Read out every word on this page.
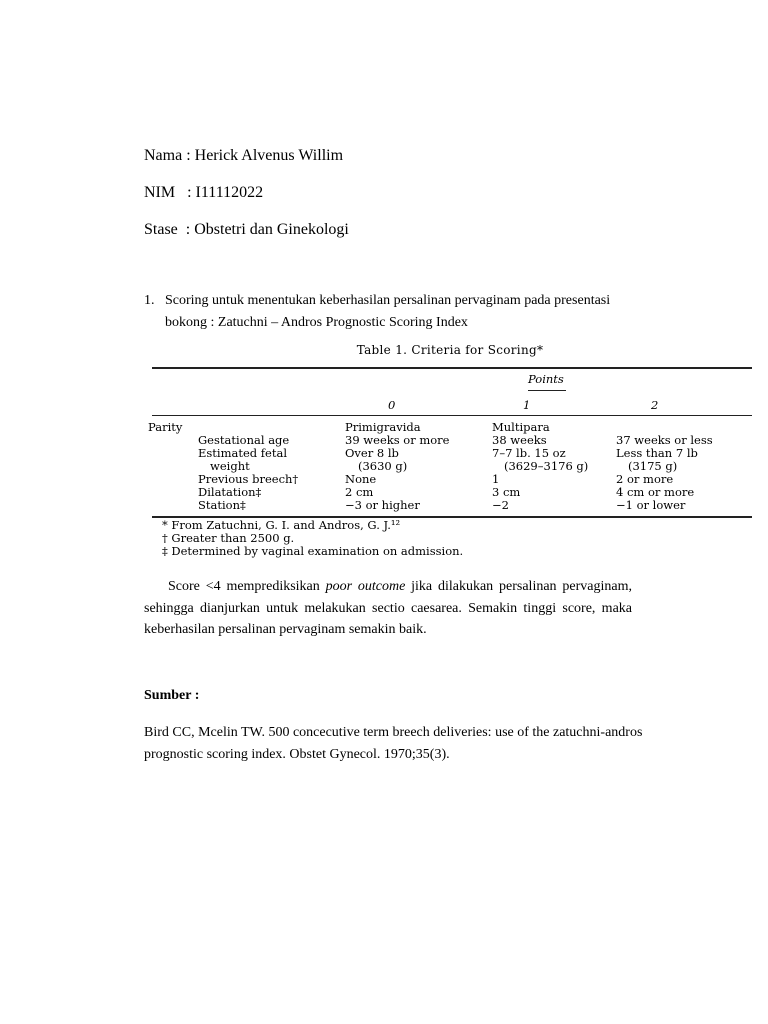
Nama : Herick Alvenus Willim
NIM   : I11112022
Stase  : Obstetri dan Ginekologi
1. Scoring untuk menentukan keberhasilan persalinan pervaginam pada presentasi bokong : Zatuchni – Andros Prognostic Scoring Index
Table 1. Criteria for Scoring*
Points
0	1	2
Parity	Primigravida	Multipara
Gestational age	39 weeks or more	38 weeks	37 weeks or less
Estimated fetal	Over 8 lb	7–7 lb. 15 oz	Less than 7 lb
weight	(3630 g)	(3629–3176 g)	(3175 g)
Previous breech†	None	1	2 or more
Dilatation‡	2 cm	3 cm	4 cm or more
Station‡	−3 or higher	−2	−1 or lower
* From Zatuchni, G. I. and Andros, G. J.¹²
† Greater than 2500 g.
‡ Determined by vaginal examination on admission.
Score <4 memprediksikan poor outcome jika dilakukan persalinan pervaginam, sehingga dianjurkan untuk melakukan sectio caesarea. Semakin tinggi score, maka keberhasilan persalinan pervaginam semakin baik.
Sumber :
Bird CC, Mcelin TW. 500 concecutive term breech deliveries: use of the zatuchni-andros prognostic scoring index. Obstet Gynecol. 1970;35(3).
